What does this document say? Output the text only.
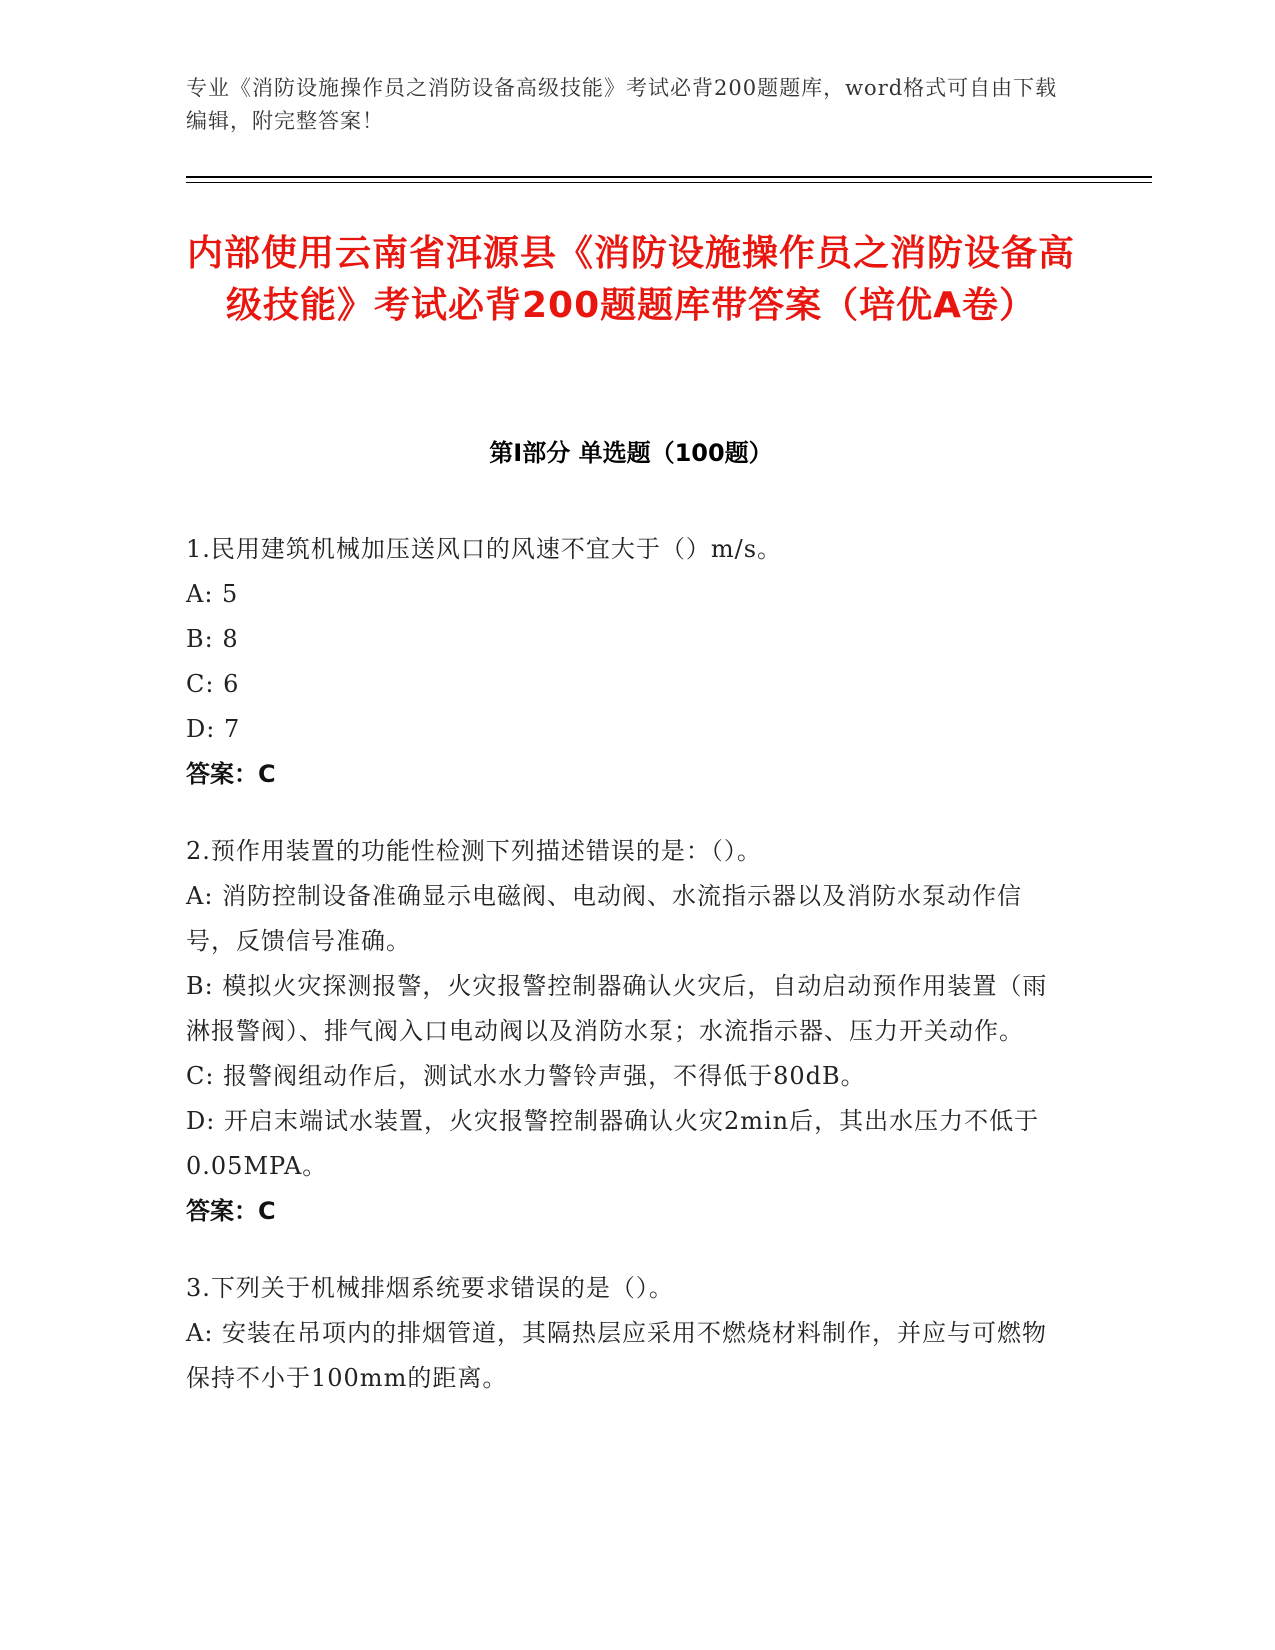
专业《消防设施操作员之消防设备高级技能》考试必背200题题库，word格式可自由下载编辑，附完整答案！
内部使用云南省洱源县《消防设施操作员之消防设备高级技能》考试必背200题题库带答案（培优A卷）
第Ⅰ部分 单选题（100题）

1.民用建筑机械加压送风口的风速不宜大于（）m/s。

A: 5

B: 8

C: 6

D: 7

答案：C

2.预作用装置的功能性检测下列描述错误的是：（）。

A: 消防控制设备准确显示电磁阀、电动阀、水流指示器以及消防水泵动作信号，反馈信号准确。

B: 模拟火灾探测报警，火灾报警控制器确认火灾后，自动启动预作用装置（雨淋报警阀）、排气阀入口电动阀以及消防水泵；水流指示器、压力开关动作。

C: 报警阀组动作后，测试水水力警铃声强，不得低于80dB。

D: 开启末端试水装置，火灾报警控制器确认火灾2min后，其出水压力不低于0.05MPA。

答案：C

3.下列关于机械排烟系统要求错误的是（）。

A: 安装在吊项内的排烟管道，其隔热层应采用不燃烧材料制作，并应与可燃物保持不小于100mm的距离。
